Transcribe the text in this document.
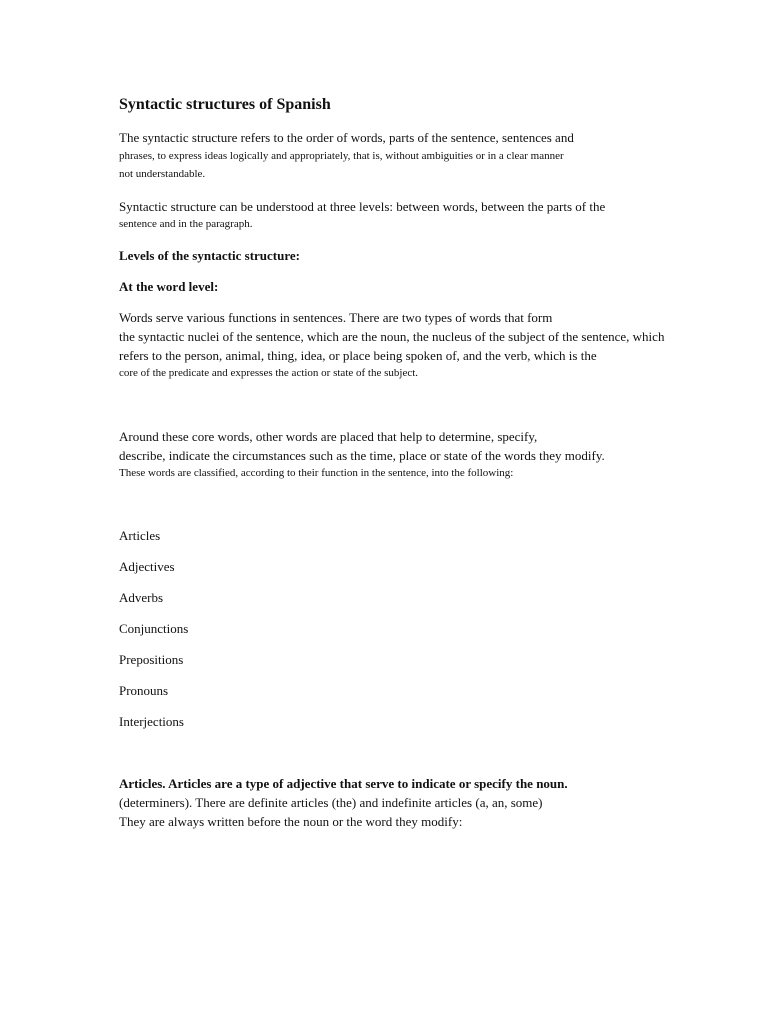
Syntactic structures of Spanish
The syntactic structure refers to the order of words, parts of the sentence, sentences and
phrases, to express ideas logically and appropriately, that is, without ambiguities or in a clear manner
not understandable.
Syntactic structure can be understood at three levels: between words, between the parts of the
sentence and in the paragraph.
Levels of the syntactic structure:
At the word level:
Words serve various functions in sentences. There are two types of words that form
the syntactic nuclei of the sentence, which are the noun, the nucleus of the subject of the sentence, which
refers to the person, animal, thing, idea, or place being spoken of, and the verb, which is the
core of the predicate and expresses the action or state of the subject.
Around these core words, other words are placed that help to determine, specify,
describe, indicate the circumstances such as the time, place or state of the words they modify.
These words are classified, according to their function in the sentence, into the following:
Articles
Adjectives
Adverbs
Conjunctions
Prepositions
Pronouns
Interjections
Articles. Articles are a type of adjective that serve to indicate or specify the noun.
(determiners). There are definite articles (the) and indefinite articles (a, an, some)
They are always written before the noun or the word they modify:
